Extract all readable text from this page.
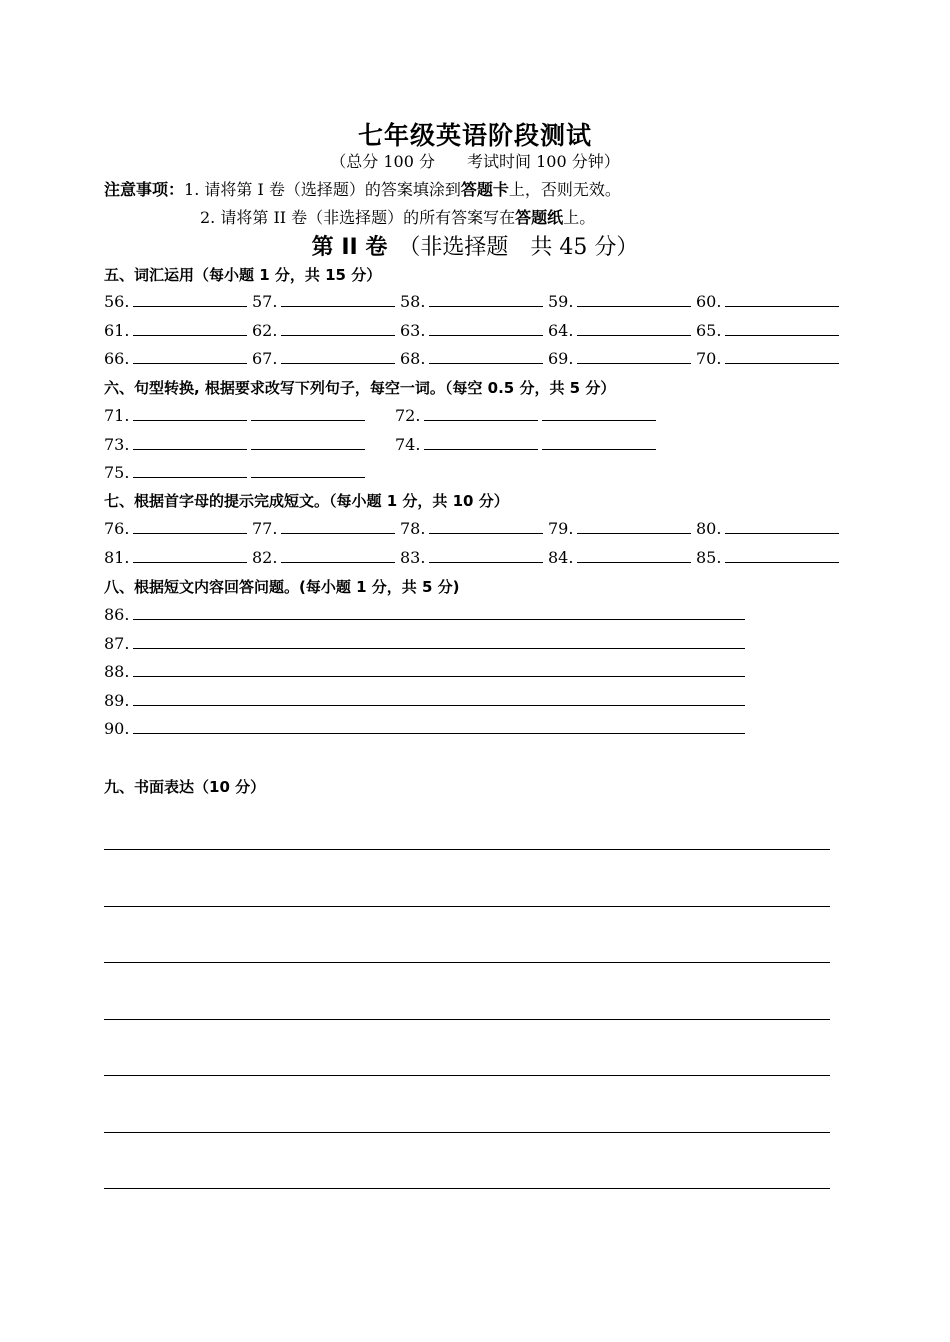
七年级英语阶段测试
（总分 100 分　　考试时间 100 分钟）
注意事项：1. 请将第 I 卷（选择题）的答案填涂到答题卡上，否则无效。
2. 请将第 II 卷（非选择题）的所有答案写在答题纸上。
第 II 卷　（非选择题　共 45 分）
五、词汇运用（每小题 1 分，共 15 分）
56.	57.	58.	59.	60.
61.	62.	63.	64.	65.
66.	67.	68.	69.	70.
六、句型转换, 根据要求改写下列句子，每空一词。（每空 0.5 分，共 5 分）
71.	72.
73.	74.
75.
七、根据首字母的提示完成短文。（每小题 1 分，共 10 分）
76.	77.	78.	79.	80.
81.	82.	83.	84.	85.
八、根据短文内容回答问题。(每小题 1 分，共 5 分)
86.
87.
88.
89.
90.
九、书面表达（10 分）
